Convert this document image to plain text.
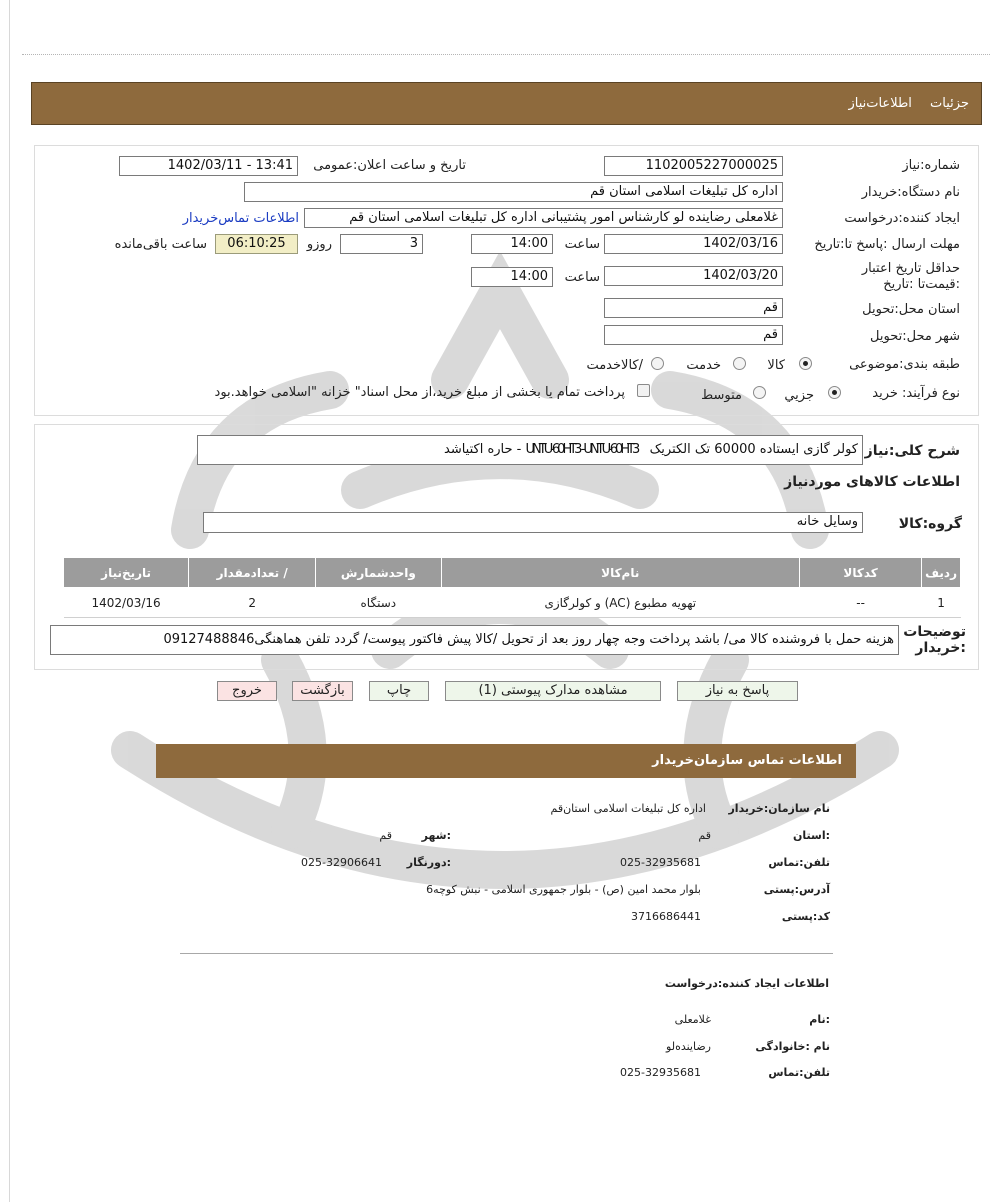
جزئیات اطلاعات‌نیاز
شماره:نیاز
1102005227000025
تاریخ و ساعت اعلان:عمومی
1402/03/11 - 13:41
نام دستگاه:خریدار
اداره کل تبلیغات اسلامی استان قم
ایجاد کننده:درخواست
غلامعلی رضاینده لو کارشناس امور پشتیبانی اداره کل تبلیغات اسلامی استان قم
اطلاعات تماس‌خریدار
مهلت ارسال :پاسخ تا:تاریخ
1402/03/16
ساعت
14:00
3
روزو
06:10:25
ساعت باقی‌مانده
حداقل تاریخ اعتبار :قیمت‌تا :تاریخ
1402/03/20
ساعت
14:00
استان محل:تحویل
قم
شهر محل:تحویل
قم
طبقه بندی:موضوعی
کالا
خدمت
/کالاخدمت
نوع فرآیند: خرید
جزیي
متوسط
پرداخت تمام یا بخشی از مبلغ خرید،از محل اسناد" خزانه "اسلامی خواهد.بود
شرح کلی:نیاز
کولر گازی ایستاده 60000 تک الکتریک UNTU-60HT3 - UNTU-60HT3 - حاره اکتیاشد
اطلاعات کالاهای موردنیاز
گروه:کالا
وسایل خانه
ردیف	کدکالا	نام‌کالا	واحدشمارش	/ تعدادمقدار	تاریخ‌نیاز
1	--	تهویه مطبوع (AC) و کولرگازی	دستگاه	2	1402/03/16
توضیحات :خریدار
هزینه حمل با فروشنده کالا می/ باشد پرداخت وجه چهار روز بعد از تحویل /کالا پیش فاکتور پیوست/ گردد تلفن هماهنگی09127488846
پاسخ به نیاز
مشاهده مدارک پیوستی (1)
چاپ
بازگشت
خروج
اطلاعات تماس سازمان‌خریدار
نام سازمان:خریدار
اداره کل تبلیغات اسلامی استان‌قم
:استان
قم
:شهر
قم
تلفن:تماس
025-32935681
:دورنگار
025-32906641
آدرس:پستی
بلوار محمد امین (ص) - بلوار جمهوری اسلامی - نبش کوچه6
کد:پستی
3716686441
اطلاعات ایجاد کننده:درخواست
:نام
غلامعلی
نام :خانوادگی
رضاینده‌لو
تلفن:تماس
025-32935681
